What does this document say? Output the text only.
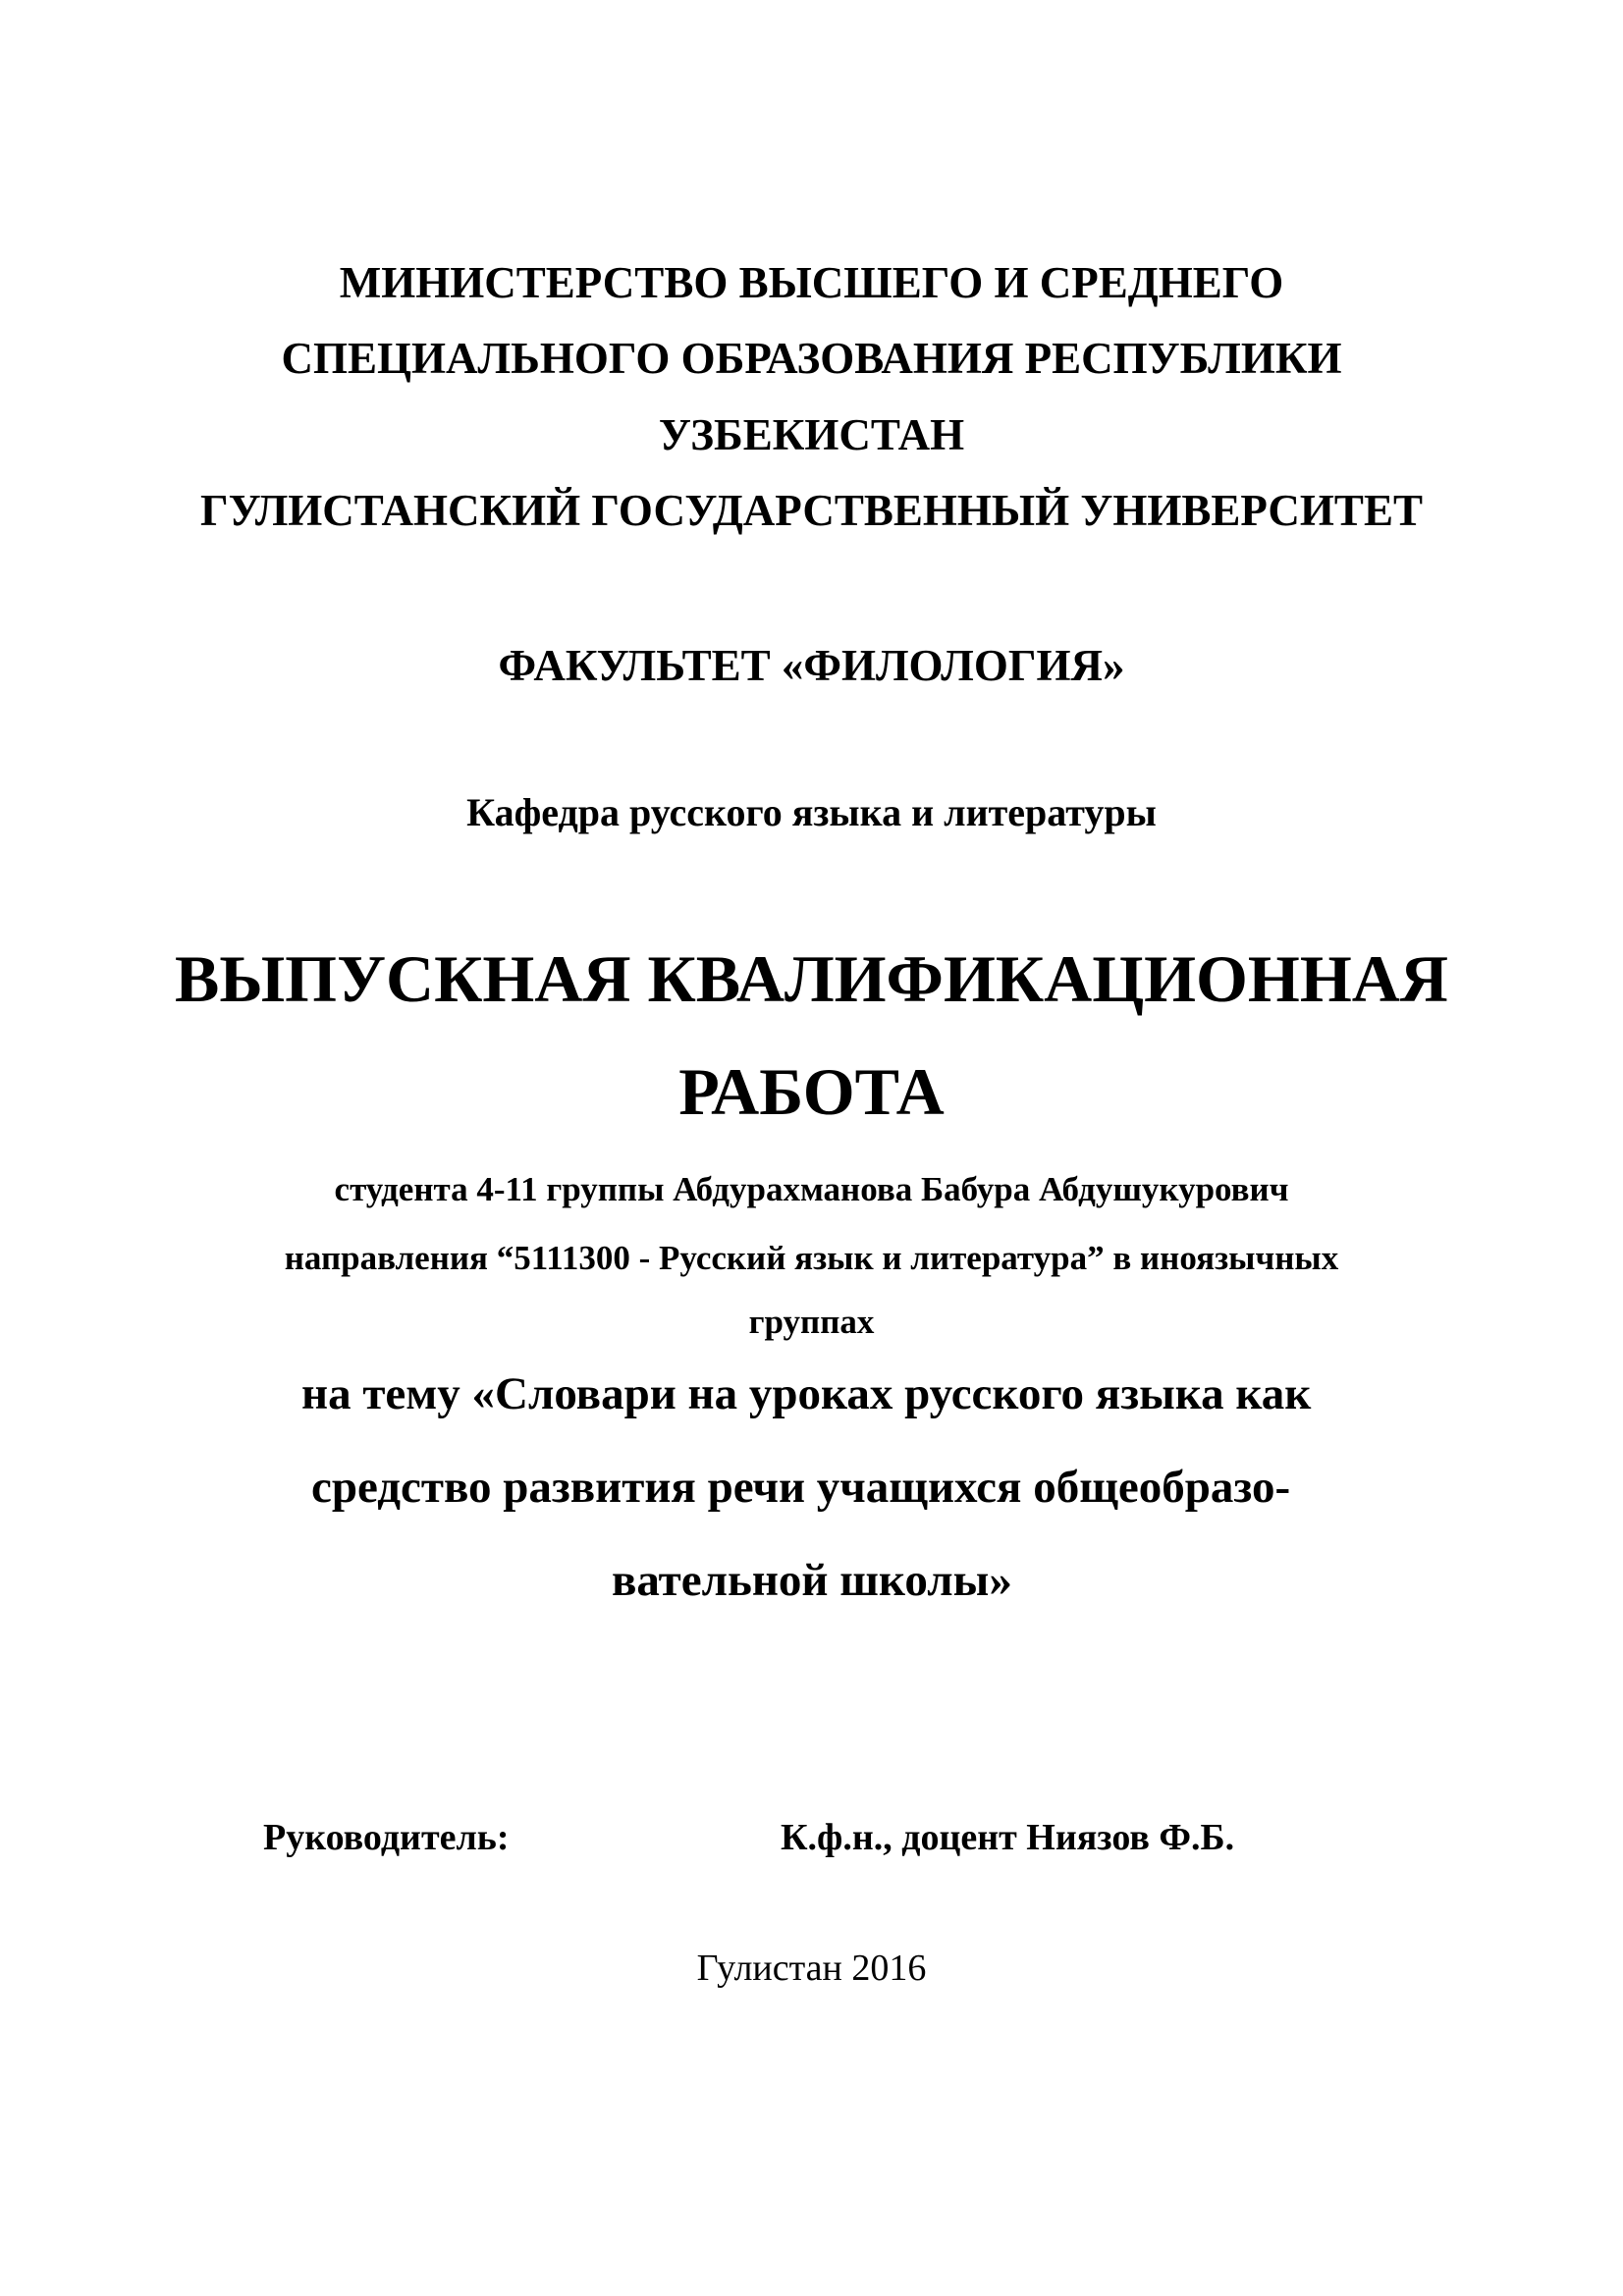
МИНИСТЕРСТВО ВЫСШЕГО И СРЕДНЕГО
СПЕЦИАЛЬНОГО ОБРАЗОВАНИЯ РЕСПУБЛИКИ
УЗБЕКИСТАН
ГУЛИСТАНСКИЙ ГОСУДАРСТВЕННЫЙ УНИВЕРСИТЕТ
ФАКУЛЬТЕТ «ФИЛОЛОГИЯ»
Кафедра русского языка и литературы
ВЫПУСКНАЯ КВАЛИФИКАЦИОННАЯ
РАБОТА
студента 4-11 группы Абдурахманова Бабура Абдушукурович
направления “5111300 - Русский язык и литература” в иноязычных
группах
на тему «Словари на уроках русского языка как
средство развития речи учащихся общеобразо-
вательной школы»
Руководитель:	К.ф.н., доцент Ниязов Ф.Б.
Гулистан 2016
